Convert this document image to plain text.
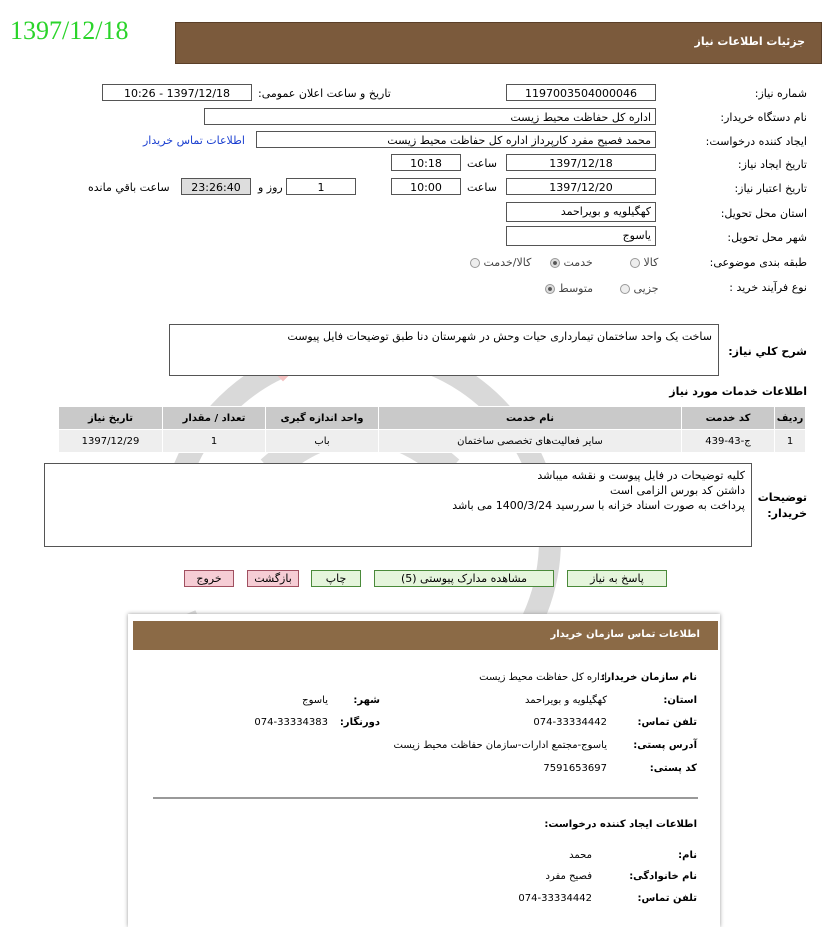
1397/12/18	جزئیات اطلاعات نیاز
شماره نیاز:
1197003504000046
تاریخ و ساعت اعلان عمومی:
1397/12/18 - 10:26
نام دستگاه خریدار:
اداره کل حفاظت محیط زیست
ایجاد کننده درخواست:
محمد فصیح مفرد کارپرداز اداره کل حفاظت محیط زیست
اطلاعات تماس خریدار
تاریخ ایجاد نیاز:
1397/12/18
ساعت
10:18
تاریخ اعتبار نیاز:
1397/12/20
ساعت
10:00
1
روز و
23:26:40
ساعت باقي مانده
استان محل تحویل:
کهگیلویه و بویراحمد
شهر محل تحویل:
یاسوج
طبقه بندی موضوعی:
کالا
خدمت
کالا/خدمت
نوع فرآیند خرید :
جزیی
متوسط
شرح کلي نياز:
ساخت یک واحد ساختمان تیمارداری حیات وحش در شهرستان دنا طبق توضیحات فایل پیوست
اطلاعات خدمات مورد نیاز
ردیف	کد خدمت	نام خدمت	واحد اندازه گیری	تعداد / مقدار	تاریخ نیاز
1	ج-43-439	سایر فعالیت‌های تخصصی ساختمان	باب	1	1397/12/29
توضیحات خریدار:
کلیه توضیحات در فایل پیوست و نقشه میباشد
داشتن کد بورس الزامی است
پرداخت به صورت اسناد خزانه با سررسید 1400/3/24 می باشد
پاسخ به نیاز
مشاهده مدارک پیوستی (5)
چاپ
بازگشت
خروج
اطلاعات تماس سازمان خریدار
نام سازمان خریدار:
اداره کل حفاظت محیط زیست
استان:
کهگیلویه و بویراحمد
شهر:
یاسوج
تلفن تماس:
074-33334442
دورنگار:
074-33334383
آدرس پستی:
یاسوج-مجتمع ادارات-سازمان حفاظت محیط زیست
کد پستی:
7591653697
اطلاعات ایجاد کننده درخواست:
نام:
محمد
نام خانوادگی:
فصیح مفرد
تلفن تماس:
074-33334442
